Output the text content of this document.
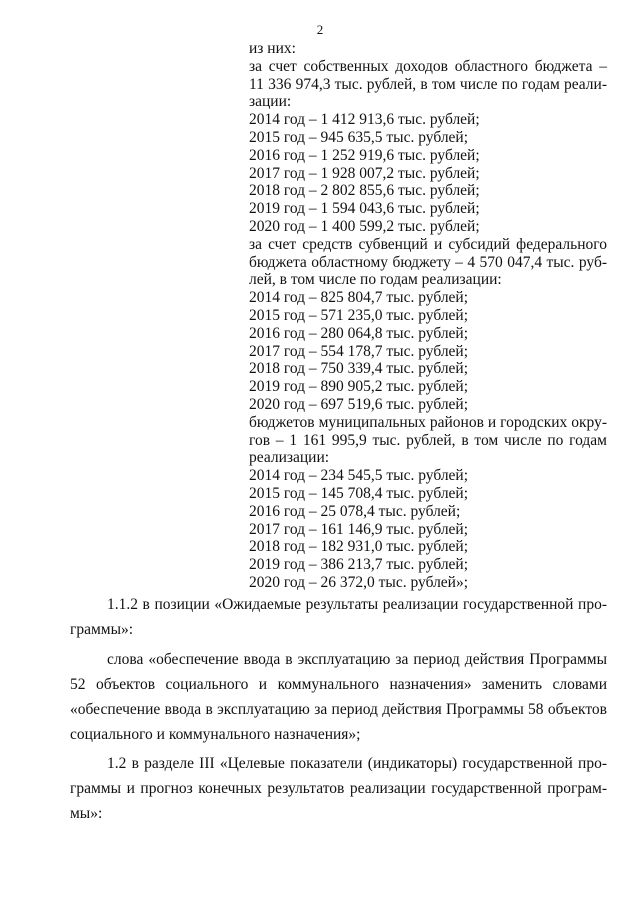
2
из них:
за счет собственных доходов областного бюджета –
11 336 974,3 тыс. рублей, в том числе по годам реали-
зации:
2014 год – 1 412 913,6 тыс. рублей;
2015 год – 945 635,5 тыс. рублей;
2016 год – 1 252 919,6 тыс. рублей;
2017 год – 1 928 007,2 тыс. рублей;
2018 год – 2 802 855,6 тыс. рублей;
2019 год – 1 594 043,6 тыс. рублей;
2020 год – 1 400 599,2 тыс. рублей;
за счет средств субвенций и субсидий федерального
бюджета областному бюджету – 4 570 047,4 тыс. руб-
лей, в том числе по годам реализации:
2014 год – 825 804,7 тыс. рублей;
2015 год – 571 235,0 тыс. рублей;
2016 год – 280 064,8 тыс. рублей;
2017 год – 554 178,7 тыс. рублей;
2018 год – 750 339,4 тыс. рублей;
2019 год – 890 905,2 тыс. рублей;
2020 год – 697 519,6 тыс. рублей;
бюджетов муниципальных районов и городских окру-
гов – 1 161 995,9 тыс. рублей, в том числе по годам
реализации:
2014 год – 234 545,5 тыс. рублей;
2015 год – 145 708,4 тыс. рублей;
2016 год – 25 078,4 тыс. рублей;
2017 год – 161 146,9 тыс. рублей;
2018 год – 182 931,0 тыс. рублей;
2019 год – 386 213,7 тыс. рублей;
2020 год – 26 372,0 тыс. рублей»;
1.1.2 в позиции «Ожидаемые результаты реализации государственной про-
граммы»:
слова «обеспечение ввода в эксплуатацию за период действия Программы
52 объектов социального и коммунального назначения» заменить словами
«обеспечение ввода в эксплуатацию за период действия Программы 58 объектов
социального и коммунального назначения»;
1.2 в разделе III «Целевые показатели (индикаторы) государственной про-
граммы и прогноз конечных результатов реализации государственной програм-
мы»:
